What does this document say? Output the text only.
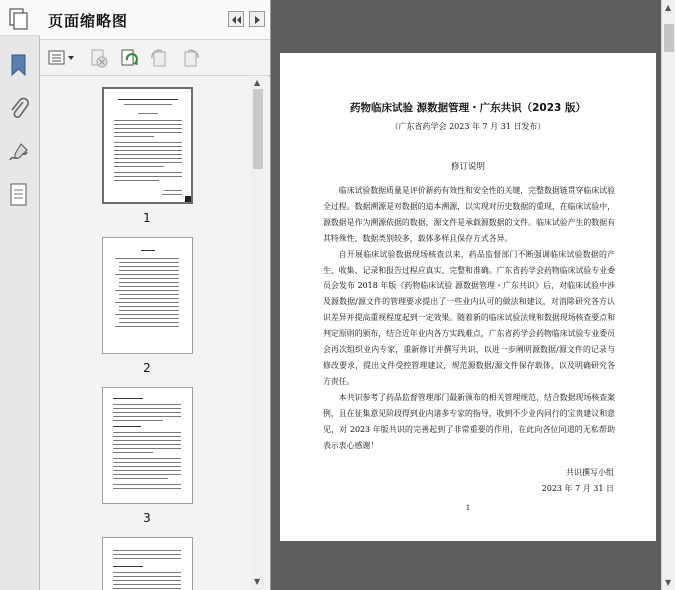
页面缩略图
1
2
3
▲
▼
药物临床试验 源数据管理・广东共识（2023 版）
（广东省药学会 2023 年 7 月 31 日发布）
修订说明

临床试验数据质量是评价新药有效性和安全性的关键，完整数据链贯穿临床试验全过程。数据溯源是对数据的追本溯源，以实现对历史数据的重现，在临床试验中，源数据是作为溯源依据的数据，源文件是承载源数据的文件。临床试验产生的数据有其特殊性，数据类别较多，载体多样且保存方式各异。

自开展临床试验数据现场核查以来，药品监督部门不断强调临床试验数据的产生、收集、记录和报告过程应真实、完整和准确。广东省药学会药物临床试验专业委员会发布 2018 年版《药物临床试验 源数据管理・广东共识》后，对临床试验中涉及源数据/源文件的管理要求提出了一些业内认可的做法和建议，对消除研究各方认识差异并提高重视程度起到一定效果。随着新的临床试验法规和数据现场核查要点和判定原则的颁布，结合近年业内各方实践难点，广东省药学会药物临床试验专业委员会再次组织业内专家，重新修订并撰写共识，以进一步阐明源数据/源文件的记录与修改要求，提出文件受控管理建议，规范源数据/源文件保存载体，以及明确研究各方责任。

本共识参考了药品监督管理部门最新颁布的相关管理规范，结合数据现场核查案例，且在征集意见阶段得到业内诸多专家的指导，收到不少业内同行的宝贵建议和意见，对 2023 年版共识的完善起到了非常重要的作用，在此向各位同道的无私帮助表示衷心感谢！

共识撰写小组
2023 年 7 月 31 日
1
▲
▼
